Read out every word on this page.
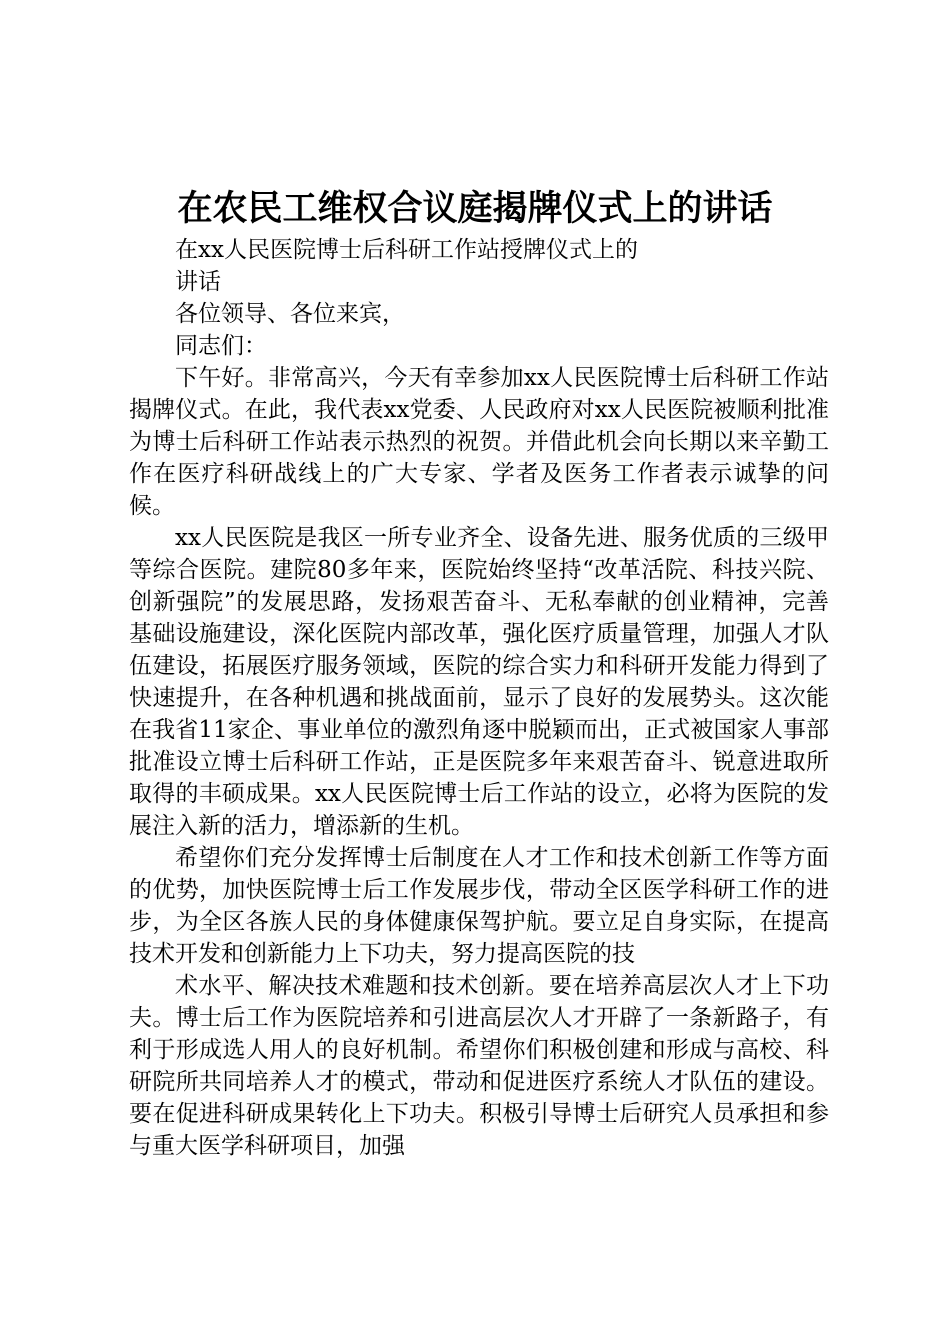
在农民工维权合议庭揭牌仪式上的讲话

在xx人民医院博士后科研工作站授牌仪式上的

讲话

各位领导、各位来宾，

同志们：

下午好。非常高兴，今天有幸参加xx人民医院博士后科研工作站揭牌仪式。在此，我代表xx党委、人民政府对xx人民医院被顺利批准为博士后科研工作站表示热烈的祝贺。并借此机会向长期以来辛勤工作在医疗科研战线上的广大专家、学者及医务工作者表示诚挚的问候。

xx人民医院是我区一所专业齐全、设备先进、服务优质的三级甲等综合医院。建院80多年来，医院始终坚持“改革活院、科技兴院、创新强院”的发展思路，发扬艰苦奋斗、无私奉献的创业精神，完善基础设施建设，深化医院内部改革，强化医疗质量管理，加强人才队伍建设，拓展医疗服务领域，医院的综合实力和科研开发能力得到了快速提升，在各种机遇和挑战面前，显示了良好的发展势头。这次能在我省11家企、事业单位的激烈角逐中脱颖而出，正式被国家人事部批准设立博士后科研工作站，正是医院多年来艰苦奋斗、锐意进取所取得的丰硕成果。xx人民医院博士后工作站的设立，必将为医院的发展注入新的活力，增添新的生机。

希望你们充分发挥博士后制度在人才工作和技术创新工作等方面的优势，加快医院博士后工作发展步伐，带动全区医学科研工作的进步，为全区各族人民的身体健康保驾护航。要立足自身实际，在提高技术开发和创新能力上下功夫，努力提高医院的技

术水平、解决技术难题和技术创新。要在培养高层次人才上下功夫。博士后工作为医院培养和引进高层次人才开辟了一条新路子，有利于形成选人用人的良好机制。希望你们积极创建和形成与高校、科研院所共同培养人才的模式，带动和促进医疗系统人才队伍的建设。要在促进科研成果转化上下功夫。积极引导博士后研究人员承担和参与重大医学科研项目，加强
